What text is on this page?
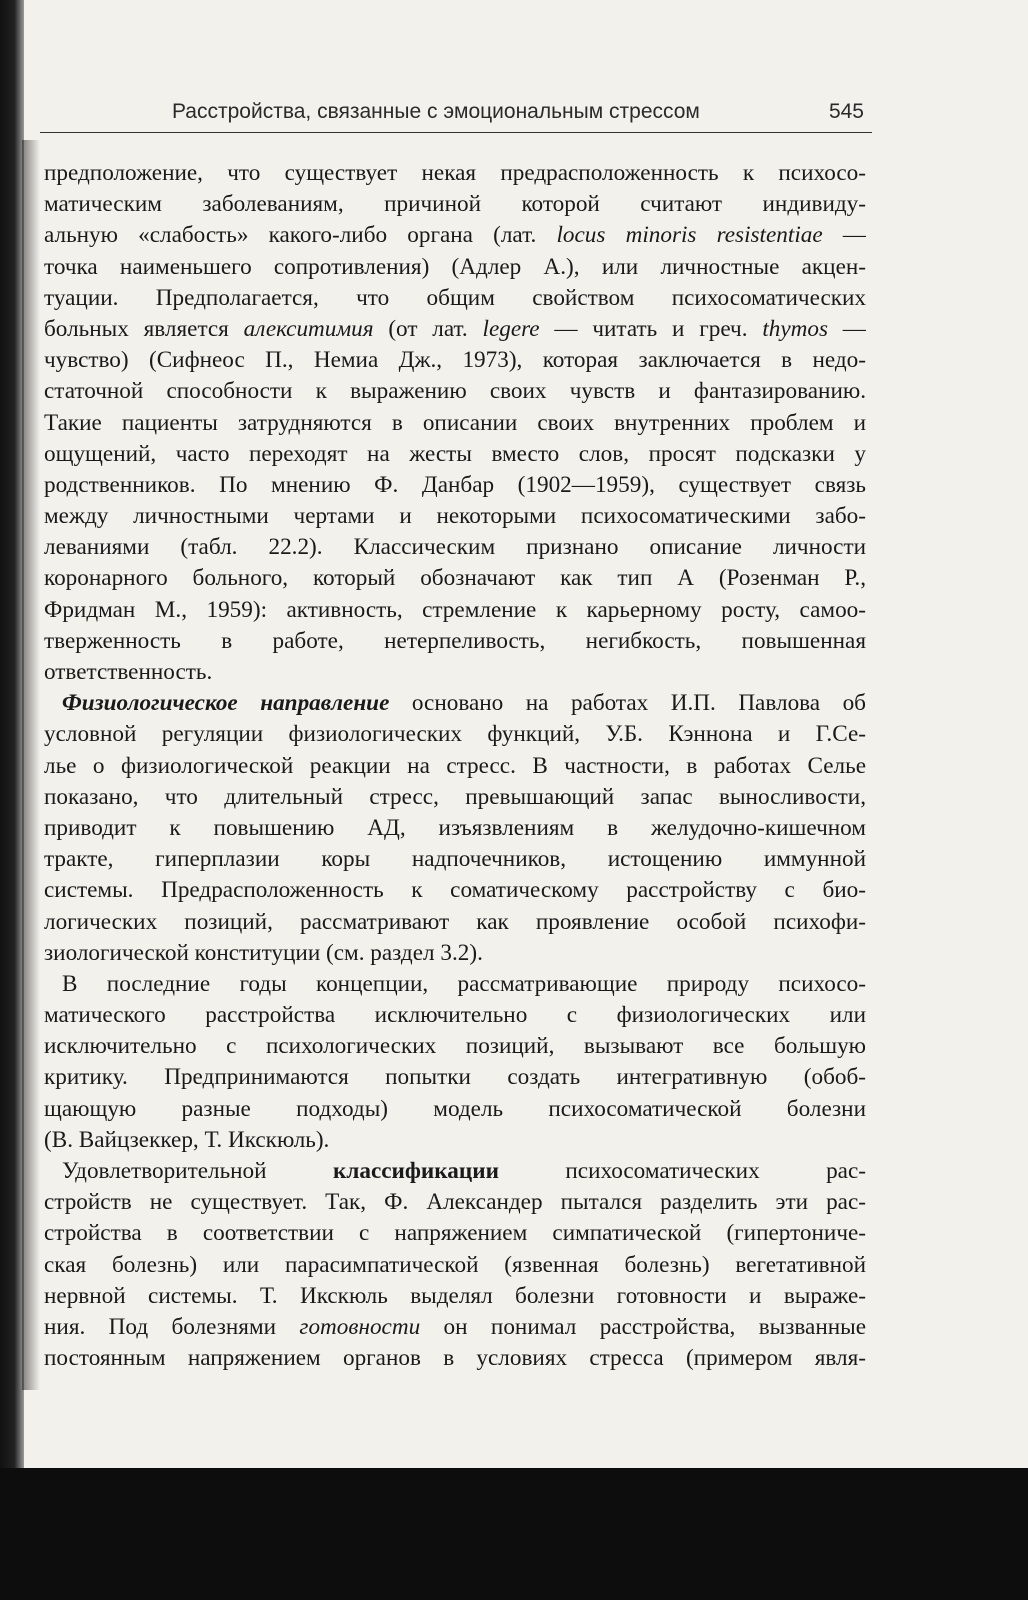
Расстройства, связанные с эмоциональным стрессом	545
предположение, что существует некая предрасположенность к психосо-
матическим заболеваниям, причиной которой считают индивиду-
альную «слабость» какого-либо органа (лат. locus minoris resistentiae —
точка наименьшего сопротивления) (Адлер А.), или личностные акцен-
туации. Предполагается, что общим свойством психосоматических
больных является алекситимия (от лат. legere — читать и греч. thymos —
чувство) (Сифнеос П., Немиа Дж., 1973), которая заключается в недо-
статочной способности к выражению своих чувств и фантазированию.
Такие пациенты затрудняются в описании своих внутренних проблем и
ощущений, часто переходят на жесты вместо слов, просят подсказки у
родственников. По мнению Ф. Данбар (1902—1959), существует связь
между личностными чертами и некоторыми психосоматическими забо-
леваниями (табл. 22.2). Классическим признано описание личности
коронарного больного, который обозначают как тип А (Розенман Р.,
Фридман М., 1959): активность, стремление к карьерному росту, самоо-
тверженность в работе, нетерпеливость, негибкость, повышенная
ответственность.
Физиологическое направление основано на работах И.П. Павлова об
условной регуляции физиологических функций, У.Б. Кэннона и Г.Се-
лье о физиологической реакции на стресс. В частности, в работах Селье
показано, что длительный стресс, превышающий запас выносливости,
приводит к повышению АД, изъязвлениям в желудочно-кишечном
тракте, гиперплазии коры надпочечников, истощению иммунной
системы. Предрасположенность к соматическому расстройству с био-
логических позиций, рассматривают как проявление особой психофи-
зиологической конституции (см. раздел 3.2).
В последние годы концепции, рассматривающие природу психосо-
матического расстройства исключительно с физиологических или
исключительно с психологических позиций, вызывают все большую
критику. Предпринимаются попытки создать интегративную (обоб-
щающую разные подходы) модель психосоматической болезни
(В. Вайцзеккер, Т. Икскюль).
Удовлетворительной классификации психосоматических рас-
стройств не существует. Так, Ф. Александер пытался разделить эти рас-
стройства в соответствии с напряжением симпатической (гипертониче-
ская болезнь) или парасимпатической (язвенная болезнь) вегетативной
нервной системы. Т. Икскюль выделял болезни готовности и выраже-
ния. Под болезнями готовности он понимал расстройства, вызванные
постоянным напряжением органов в условиях стресса (примером явля-
